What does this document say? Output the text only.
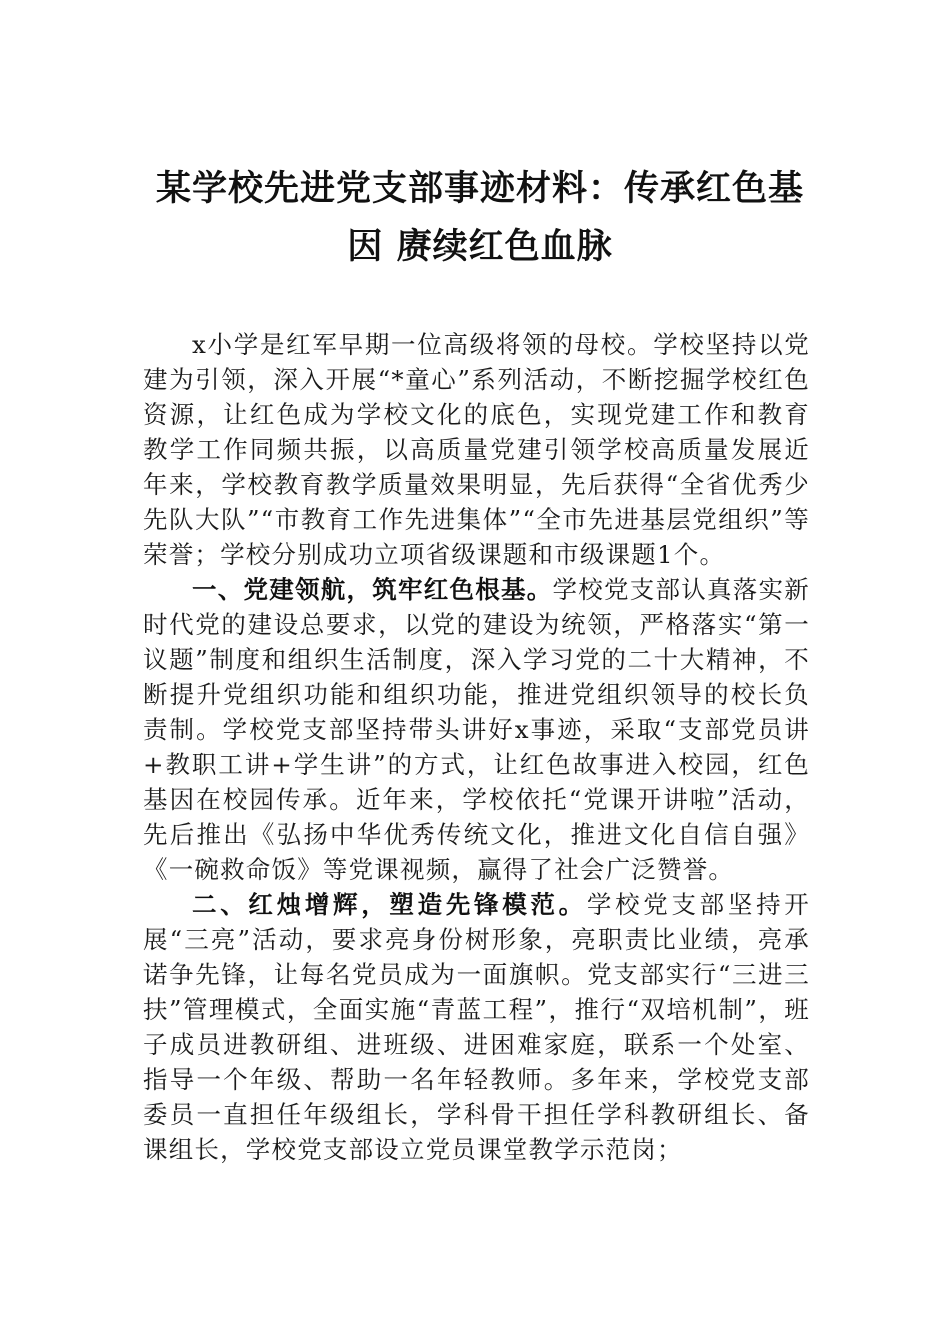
某学校先进党支部事迹材料：传承红色基因 赓续红色血脉

x小学是红军早期一位高级将领的母校。学校坚持以党建为引领，深入开展“*童心”系列活动，不断挖掘学校红色资源，让红色成为学校文化的底色，实现党建工作和教育教学工作同频共振，以高质量党建引领学校高质量发展近年来，学校教育教学质量效果明显，先后获得“全省优秀少先队大队”“市教育工作先进集体”“全市先进基层党组织”等荣誉；学校分别成功立项省级课题和市级课题1个。

一、党建领航，筑牢红色根基。学校党支部认真落实新时代党的建设总要求，以党的建设为统领，严格落实“第一议题”制度和组织生活制度，深入学习党的二十大精神，不断提升党组织功能和组织功能，推进党组织领导的校长负责制。学校党支部坚持带头讲好x事迹，采取“支部党员讲+教职工讲+学生讲”的方式，让红色故事进入校园，红色基因在校园传承。近年来，学校依托“党课开讲啦”活动，先后推出《弘扬中华优秀传统文化，推进文化自信自强》《一碗救命饭》等党课视频，赢得了社会广泛赞誉。

二、红烛增辉，塑造先锋模范。学校党支部坚持开展“三亮”活动，要求亮身份树形象，亮职责比业绩，亮承诺争先锋，让每名党员成为一面旗帜。党支部实行“三进三扶”管理模式，全面实施“青蓝工程”，推行“双培机制”，班子成员进教研组、进班级、进困难家庭，联系一个处室、指导一个年级、帮助一名年轻教师。多年来，学校党支部委员一直担任年级组长，学科骨干担任学科教研组长、备课组长，学校党支部设立党员课堂教学示范岗；
